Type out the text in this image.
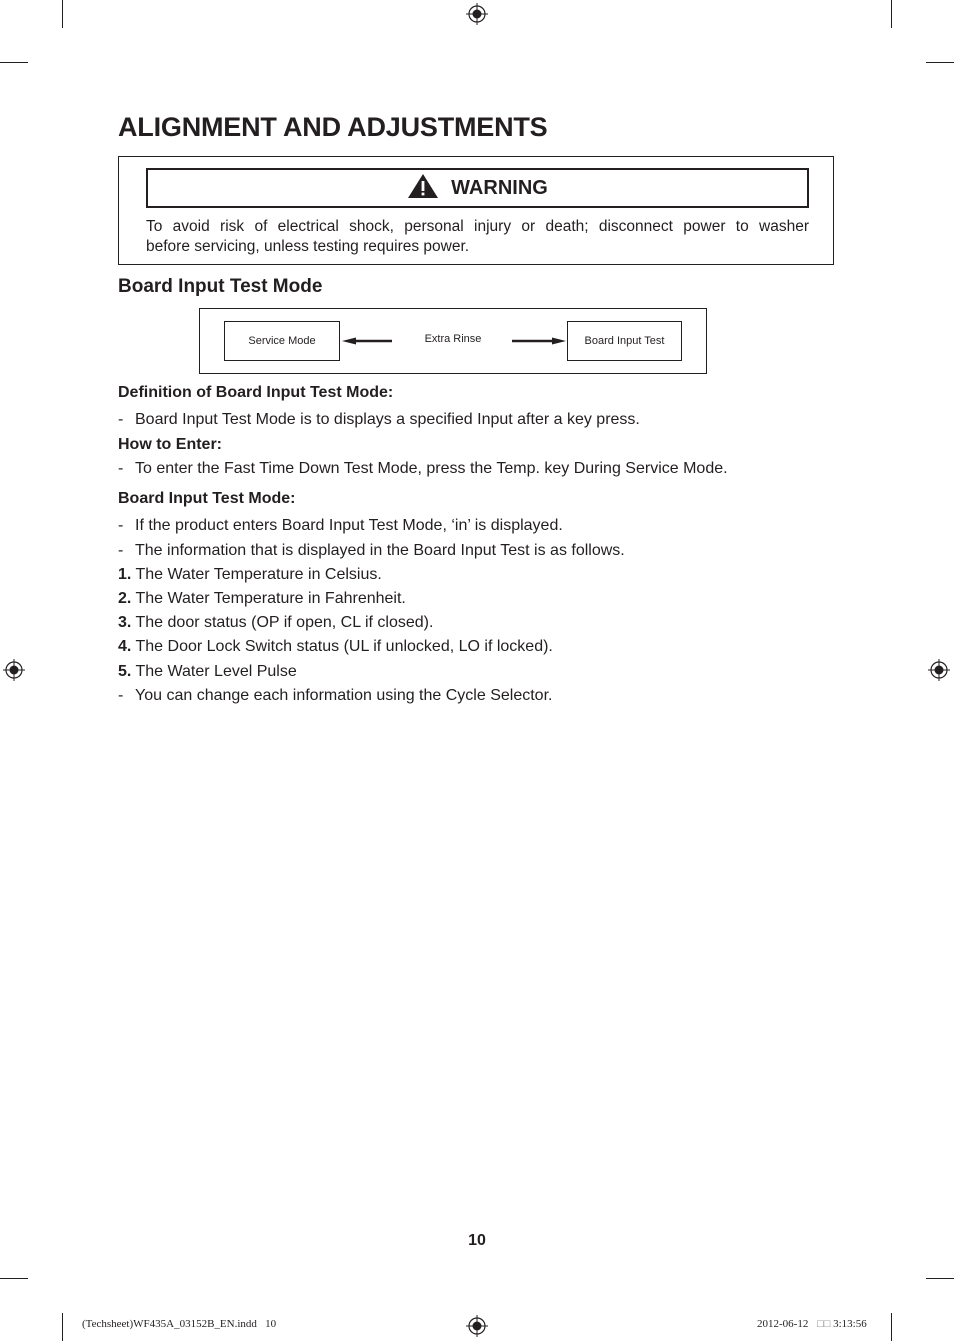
ALIGNMENT AND ADJUSTMENTS
WARNING

To avoid risk of electrical shock, personal injury or death; disconnect power to washer
before servicing, unless testing requires power.

Board Input Test Mode
Service Mode	Extra Rinse	Board Input Test
Definition of Board Input Test Mode:
- Board Input Test Mode is to displays a specified Input after a key press.
How to Enter:
- To enter the Fast Time Down Test Mode, press the Temp. key During Service Mode.
Board Input Test Mode:
- If the product enters Board Input Test Mode, ‘in’ is displayed.
- The information that is displayed in the Board Input Test is as follows.
1. The Water Temperature in Celsius.
2. The Water Temperature in Fahrenheit.
3. The door status (OP if open, CL if closed).
4. The Door Lock Switch status (UL if unlocked, LO if locked).
5. The Water Level Pulse
- You can change each information using the Cycle Selector.
10
(Techsheet)WF435A_03152B_EN.indd   10	2012-06-12 □□ 3:13:56
